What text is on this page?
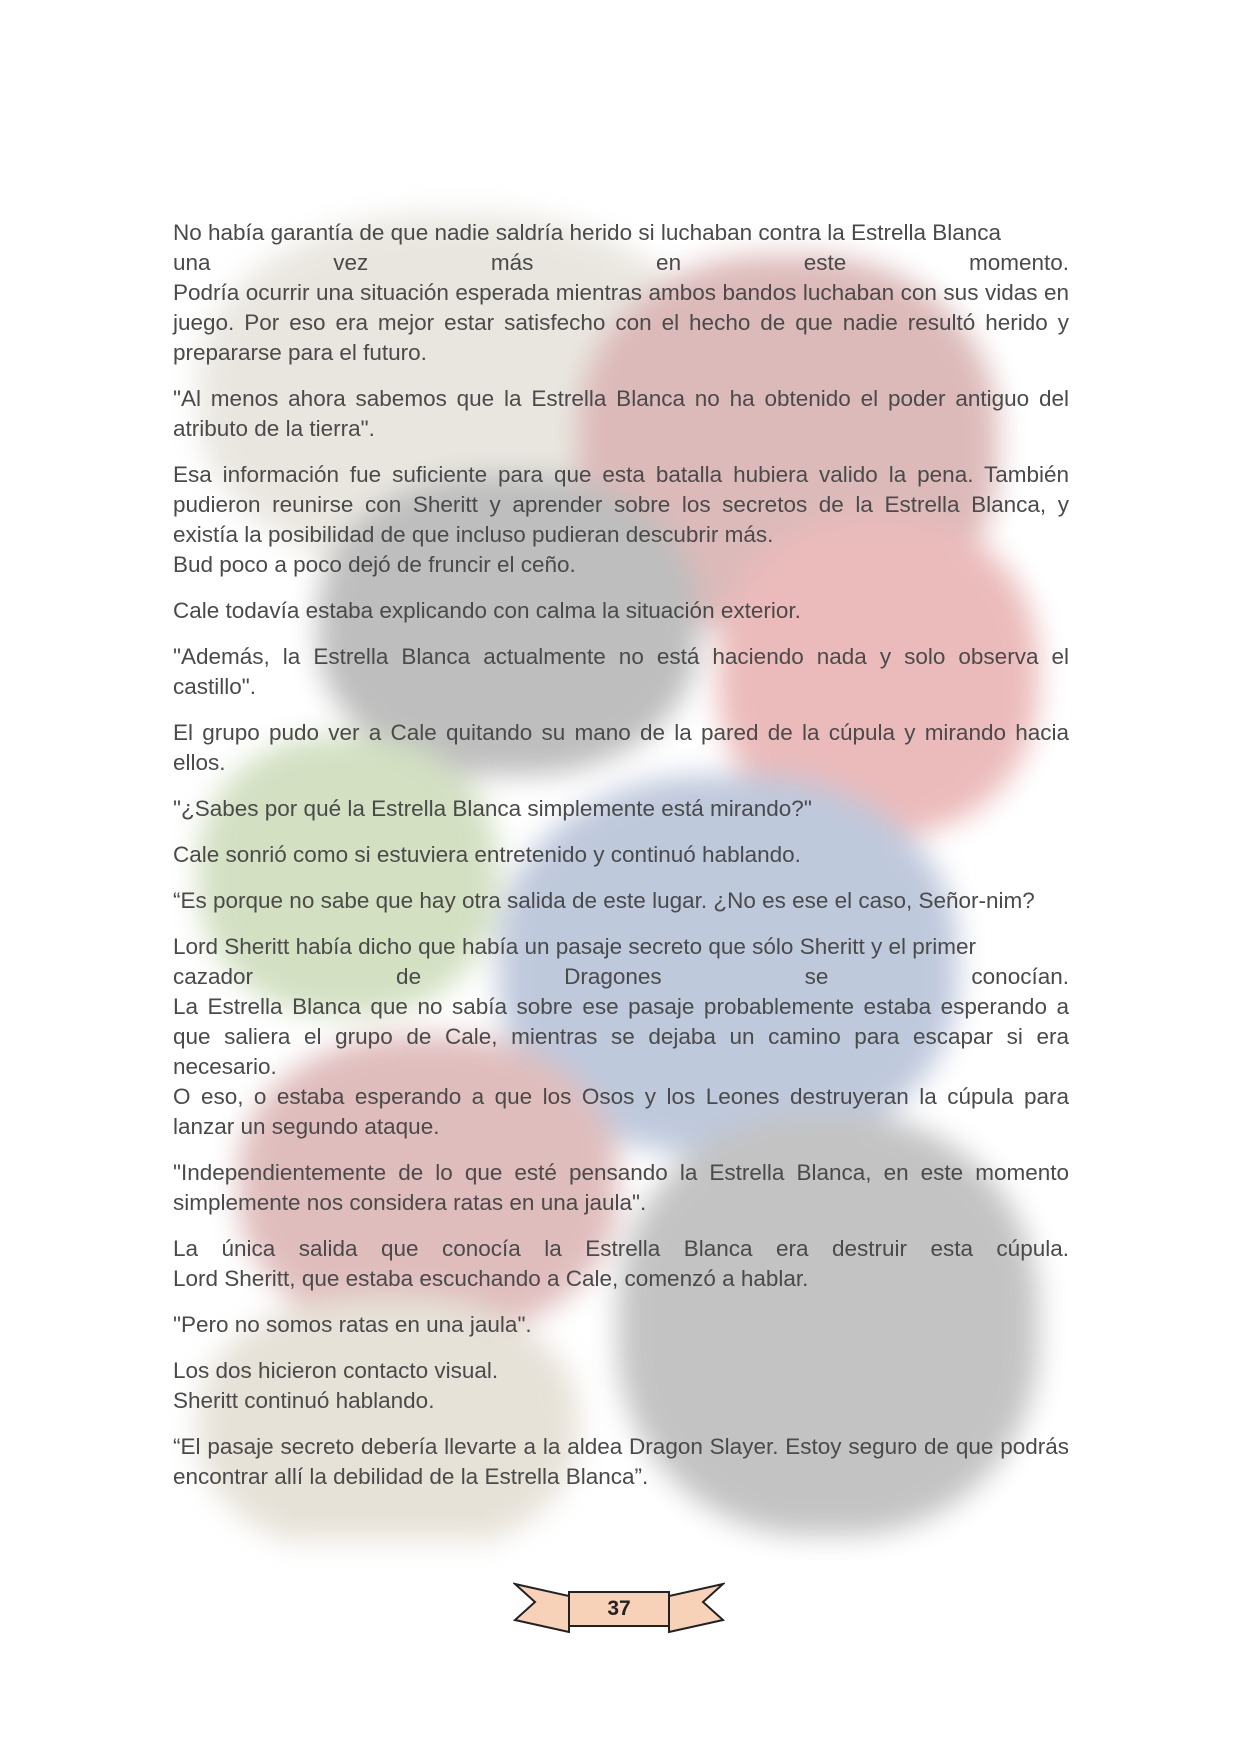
No había garantía de que nadie saldría herido si luchaban contra la Estrella Blanca
una vez más en este momento.
Podría ocurrir una situación esperada mientras ambos bandos luchaban con sus vidas en juego. Por eso era mejor estar satisfecho con el hecho de que nadie resultó herido y prepararse para el futuro.

"Al menos ahora sabemos que la Estrella Blanca no ha obtenido el poder antiguo del atributo de la tierra".

Esa información fue suficiente para que esta batalla hubiera valido la pena. También pudieron reunirse con Sheritt y aprender sobre los secretos de la Estrella Blanca, y existía la posibilidad de que incluso pudieran descubrir más.
Bud poco a poco dejó de fruncir el ceño.

Cale todavía estaba explicando con calma la situación exterior.

"Además, la Estrella Blanca actualmente no está haciendo nada y solo observa el castillo".

El grupo pudo ver a Cale quitando su mano de la pared de la cúpula y mirando hacia ellos.

"¿Sabes por qué la Estrella Blanca simplemente está mirando?"

Cale sonrió como si estuviera entretenido y continuó hablando.

“Es porque no sabe que hay otra salida de este lugar. ¿No es ese el caso, Señor-nim?

Lord Sheritt había dicho que había un pasaje secreto que sólo Sheritt y el primer
cazador de Dragones se conocían.
La Estrella Blanca que no sabía sobre ese pasaje probablemente estaba esperando a que saliera el grupo de Cale, mientras se dejaba un camino para escapar si era necesario.
O eso, o estaba esperando a que los Osos y los Leones destruyeran la cúpula para lanzar un segundo ataque.

"Independientemente de lo que esté pensando la Estrella Blanca, en este momento simplemente nos considera ratas en una jaula".

La única salida que conocía la Estrella Blanca era destruir esta cúpula.
Lord Sheritt, que estaba escuchando a Cale, comenzó a hablar.

"Pero no somos ratas en una jaula".

Los dos hicieron contacto visual.
Sheritt continuó hablando.

“El pasaje secreto debería llevarte a la aldea Dragon Slayer. Estoy seguro de que podrás encontrar allí la debilidad de la Estrella Blanca”.

37
